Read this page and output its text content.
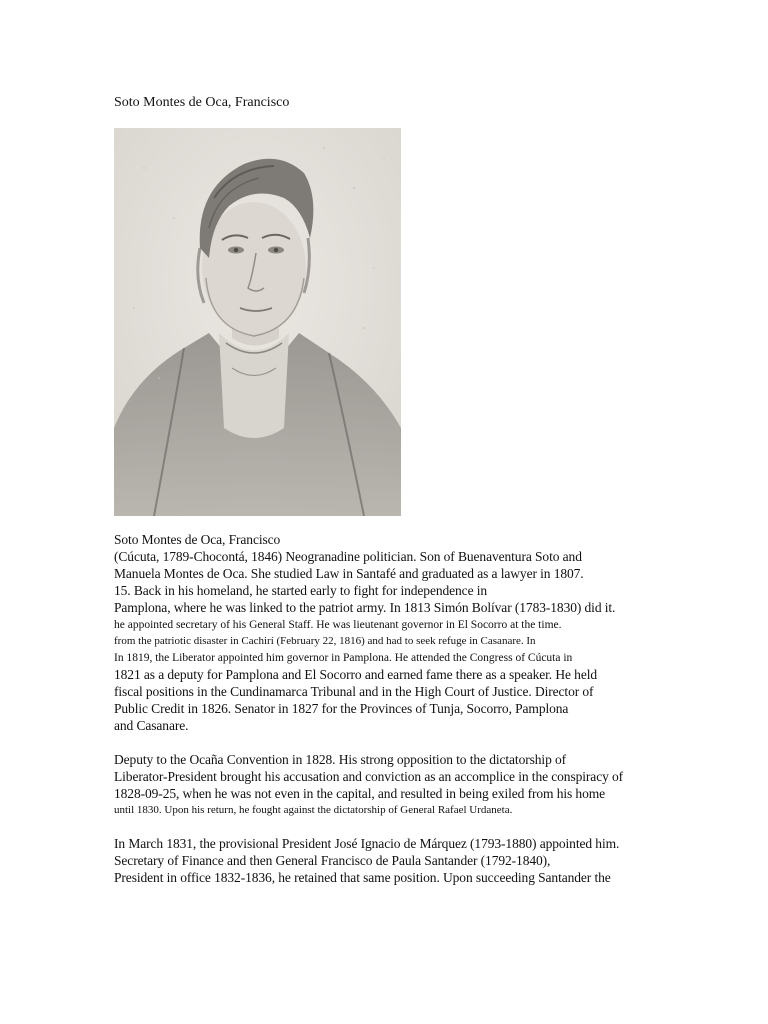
Soto Montes de Oca, Francisco
Soto Montes de Oca, Francisco
(Cúcuta, 1789-Chocontá, 1846) Neogranadine politician. Son of Buenaventura Soto and
Manuela Montes de Oca. She studied Law in Santafé and graduated as a lawyer in 1807.
15. Back in his homeland, he started early to fight for independence in
Pamplona, where he was linked to the patriot army. In 1813 Simón Bolívar (1783-1830) did it.
he appointed secretary of his General Staff. He was lieutenant governor in El Socorro at the time.
from the patriotic disaster in Cachirí (February 22, 1816) and had to seek refuge in Casanare. In
In 1819, the Liberator appointed him governor in Pamplona. He attended the Congress of Cúcuta in
1821 as a deputy for Pamplona and El Socorro and earned fame there as a speaker. He held
fiscal positions in the Cundinamarca Tribunal and in the High Court of Justice. Director of
Public Credit in 1826. Senator in 1827 for the Provinces of Tunja, Socorro, Pamplona
and Casanare.
Deputy to the Ocaña Convention in 1828. His strong opposition to the dictatorship of
Liberator-President brought his accusation and conviction as an accomplice in the conspiracy of
1828-09-25, when he was not even in the capital, and resulted in being exiled from his home
until 1830. Upon his return, he fought against the dictatorship of General Rafael Urdaneta.
In March 1831, the provisional President José Ignacio de Márquez (1793-1880) appointed him.
Secretary of Finance and then General Francisco de Paula Santander (1792-1840),
President in office 1832-1836, he retained that same position. Upon succeeding Santander the
